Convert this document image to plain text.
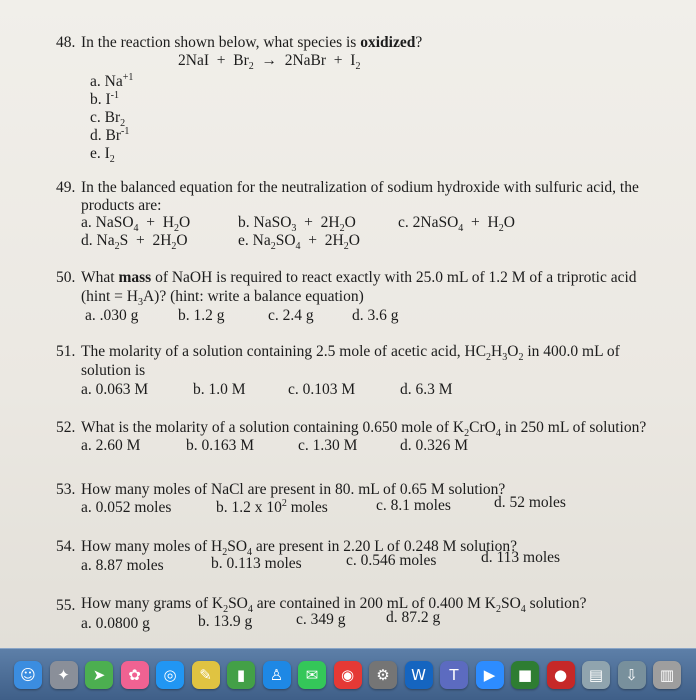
48. In the reaction shown below, what species is oxidized?
$2NaI + Br_2$  →  2NaBr  +  $I_2$
a. $Na^{+1}$
b. $I^{-1}$
c. $Br_2$
d. $Br^{-1}$
e. $I_2$
49. In the balanced equation for the neutralization of sodium hydroxide with sulfuric acid, the
products are:
a. NaSO$_4$  +  $H_2O$	b. NaSO$_3$  +  $2H_2O$	c. 2NaSO$_4$  +  $H_2O$
d. $Na_2S + 2H_2O$	e. $Na_2SO_4 + 2H_2O$
50. What mass of NaOH is required to react exactly with 25.0 mL of 1.2 M of a triprotic acid
(hint = $H_3A$)? (hint: write a balance equation)
a. .030 g	b. 1.2 g	c. 2.4 g d. 3.6 g
51. The molarity of a solution containing 2.5 mole of acetic acid, $HC_2H_3O_2$ in 400.0 mL of
solution is
a. 0.063 M	b. 1.0 M	c. 0.103 M	d. 6.3 M
52. What is the molarity of a solution containing 0.650 mole of $K_2CrO_4$ in 250 mL of solution?
a. 2.60 M	b. 0.163 M	c. 1.30 M	d. 0.326 M
53. How many moles of NaCl are present in 80. mL of 0.65 M solution?
a. 0.052 moles	b. 1.2 x $10^2$ moles	c. 8.1 moles	d. 52 moles
54. How many moles of $H_2SO_4$ are present in 2.20 L of 0.248 M solution?
a. 8.87 moles	b. 0.113 moles	c. 0.546 moles	d. 113 moles
55. How many grams of $K_2SO_4$ are contained in 200 mL of 0.400 M $K_2SO_4$ solution?
a. 0.0800 g	b. 13.9 g	c. 349 g	d. 87.2 g
☺	✦	➤	✿	◎	✎	▮	♙	✉	◉	⚙	W	T	▶	■	●	▤	⇩	▥
